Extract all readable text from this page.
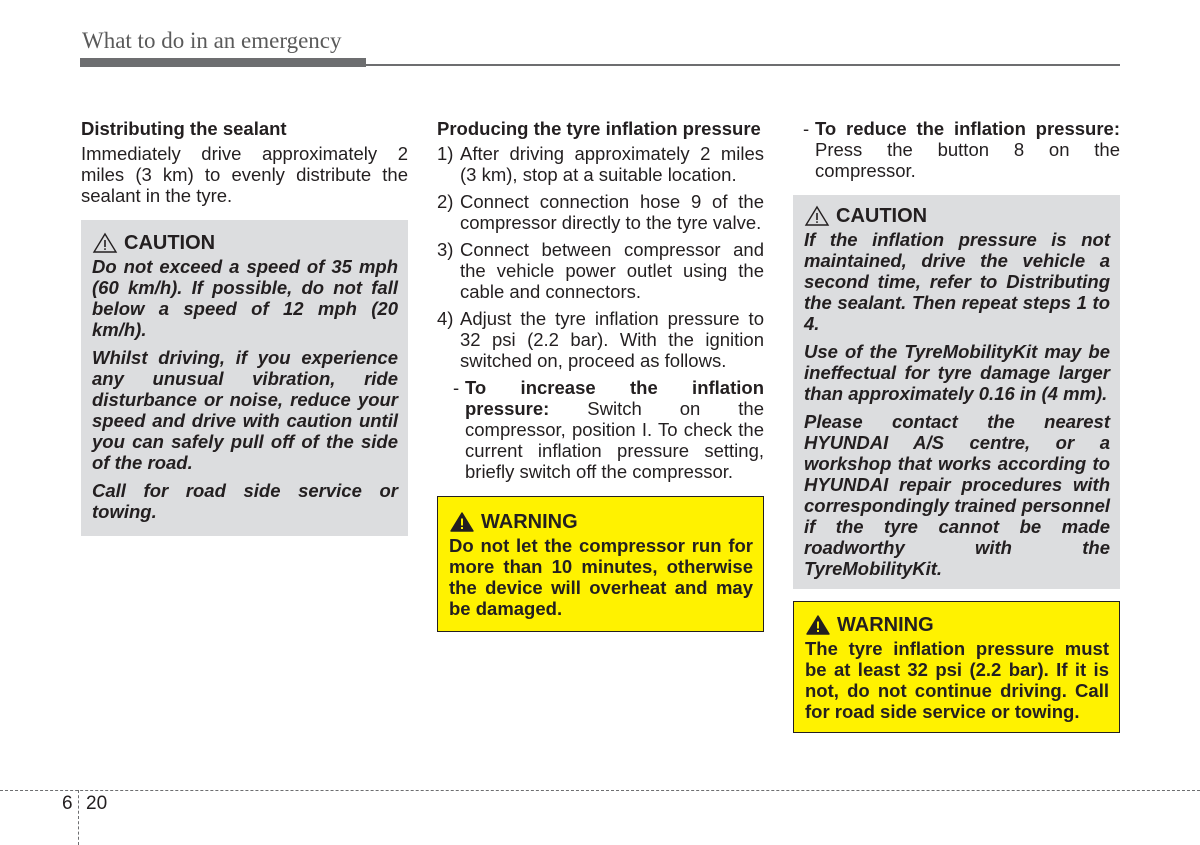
What to do in an emergency
Distributing the sealant
Immediately drive approximately 2 miles (3 km) to evenly distribute the sealant in the tyre.
CAUTION
Do not exceed a speed of 35 mph (60 km/h). If possible, do not fall below a speed of 12 mph (20 km/h).
Whilst driving, if you experience any unusual vibration, ride disturbance or noise, reduce your speed and drive with caution until you can safely pull off of the side of the road.
Call for road side service or towing.
Producing the tyre inflation pressure
1) After driving approximately 2 miles (3 km), stop at a suitable location.
2) Connect connection hose 9 of the compressor directly to the tyre valve.
3) Connect between compressor and the vehicle power outlet using the cable and connectors.
4) Adjust the tyre inflation pressure to 32 psi (2.2 bar). With the ignition switched on, proceed as follows.
- To increase the inflation pressure: Switch on the compressor, position I. To check the current inflation pressure setting, briefly switch off the compressor.
WARNING
Do not let the compressor run for more than 10 minutes, otherwise the device will overheat and may be damaged.
- To reduce the inflation pressure: Press the button 8 on the compressor.
CAUTION
If the inflation pressure is not maintained, drive the vehicle a second time, refer to Distributing the sealant. Then repeat steps 1 to 4.
Use of the TyreMobilityKit may be ineffectual for tyre damage larger than approximately 0.16 in (4 mm).
Please contact the nearest HYUNDAI A/S centre, or a workshop that works according to HYUNDAI repair procedures with correspondingly trained personnel if the tyre cannot be made roadworthy with the TyreMobilityKit.
WARNING
The tyre inflation pressure must be at least 32 psi (2.2 bar). If it is not, do not continue driving. Call for road side service or towing.
6 20
